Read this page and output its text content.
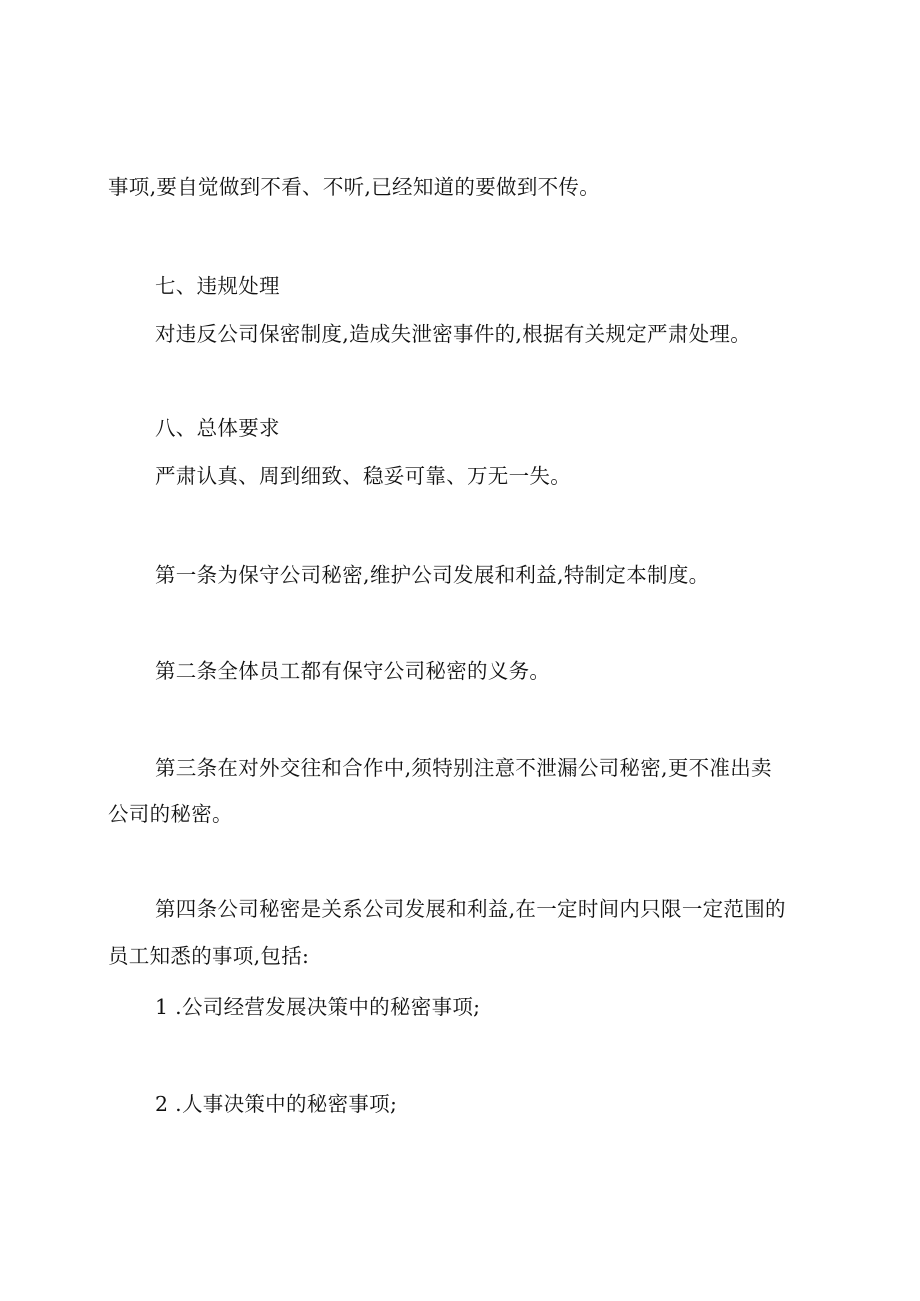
事项,要自觉做到不看、不听,已经知道的要做到不传。
七、违规处理
对违反公司保密制度,造成失泄密事件的,根据有关规定严肃处理。
八、总体要求
严肃认真、周到细致、稳妥可靠、万无一失。
第一条为保守公司秘密,维护公司发展和利益,特制定本制度。
第二条全体员工都有保守公司秘密的义务。
第三条在对外交往和合作中,须特别注意不泄漏公司秘密,更不准出卖
公司的秘密。
第四条公司秘密是关系公司发展和利益,在一定时间内只限一定范围的
员工知悉的事项,包括:
1 .公司经营发展决策中的秘密事项;
2 .人事决策中的秘密事项;
